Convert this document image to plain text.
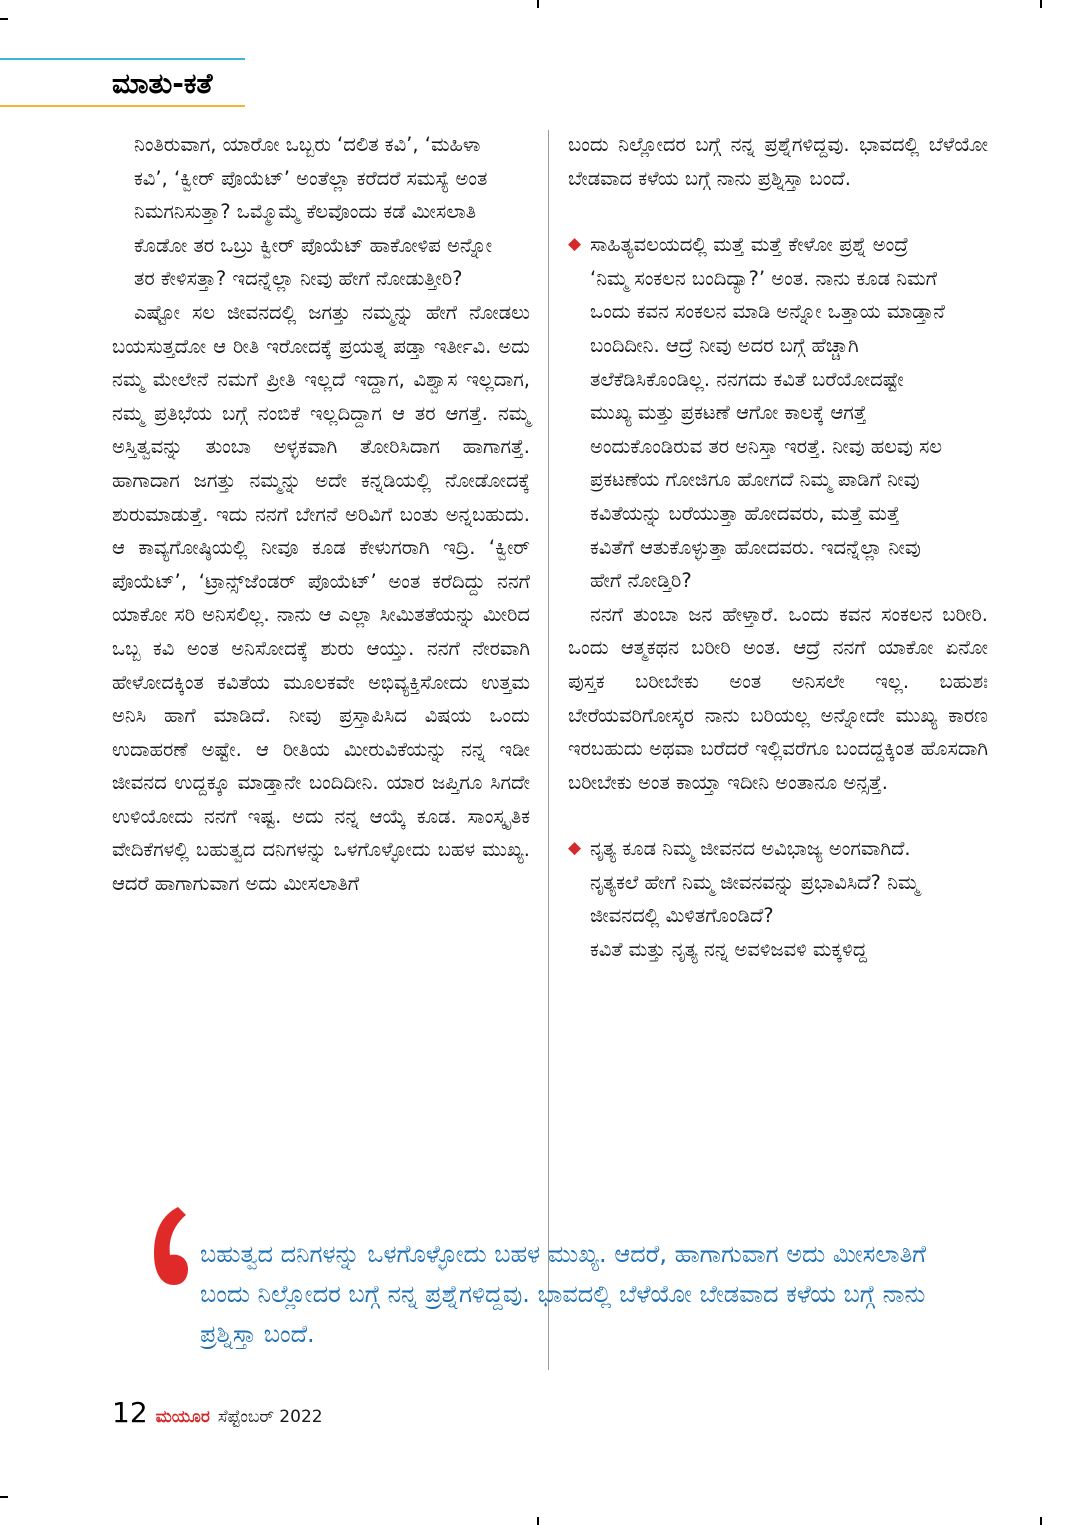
ಮಾತು-ಕತೆ

ನಿಂತಿರುವಾಗ, ಯಾರೋ ಒಬ್ಬರು ‘ದಲಿತ ಕವಿ’, ‘ಮಹಿಳಾ ಕವಿ’, ‘ಕ್ವೀರ್ ಪೊಯೆಟ್’ ಅಂತೆಲ್ಲಾ ಕರೆದರೆ ಸಮಸ್ಯೆ ಅಂತ ನಿಮಗನಿಸುತ್ತಾ? ಒಮ್ಮೊಮ್ಮೆ ಕೆಲವೊಂದು ಕಡೆ ಮೀಸಲಾತಿ ಕೊಡೋ ತರ ಒಬ್ರು ಕ್ವೀರ್ ಪೊಯೆಟ್ ಹಾಕೋಳಿಪ ಅನ್ನೋ ತರ ಕೇಳಿಸತ್ತಾ? ಇದನ್ನೆಲ್ಲಾ ನೀವು ಹೇಗೆ ನೋಡುತ್ತೀರಿ?

ಎಷ್ಟೋ ಸಲ ಜೀವನದಲ್ಲಿ ಜಗತ್ತು ನಮ್ಮನ್ನು ಹೇಗೆ ನೋಡಲು ಬಯಸುತ್ತದೋ ಆ ರೀತಿ ಇರೋದಕ್ಕೆ ಪ್ರಯತ್ನ ಪಡ್ತಾ ಇರ್ತೀವಿ. ಅದು ನಮ್ಮ ಮೇಲೇನೆ ನಮಗೆ ಪ್ರೀತಿ ಇಲ್ಲದೆ ಇದ್ದಾಗ, ವಿಶ್ವಾಸ ಇಲ್ಲದಾಗ, ನಮ್ಮ ಪ್ರತಿಭೆಯ ಬಗ್ಗೆ ನಂಬಿಕೆ ಇಲ್ಲದಿದ್ದಾಗ ಆ ತರ ಆಗತ್ತೆ. ನಮ್ಮ ಅಸ್ತಿತ್ವವನ್ನು ತುಂಬಾ ಅಳ್ಳಕವಾಗಿ ತೋರಿಸಿದಾಗ ಹಾಗಾಗತ್ತೆ. ಹಾಗಾದಾಗ ಜಗತ್ತು ನಮ್ಮನ್ನು ಅದೇ ಕನ್ನಡಿಯಲ್ಲಿ ನೋಡೋದಕ್ಕೆ ಶುರುಮಾಡುತ್ತೆ. ಇದು ನನಗೆ ಬೇಗನೆ ಅರಿವಿಗೆ ಬಂತು ಅನ್ನಬಹುದು. ಆ ಕಾವ್ಯಗೋಷ್ಠಿಯಲ್ಲಿ ನೀವೂ ಕೂಡ ಕೇಳುಗರಾಗಿ ಇದ್ರಿ. ‘ಕ್ವೀರ್ ಪೊಯೆಟ್’, ‘ಟ್ರಾನ್ಸ್‌ಜೆಂಡರ್ ಪೊಯೆಟ್’ ಅಂತ ಕರೆದಿದ್ದು ನನಗೆ ಯಾಕೋ ಸರಿ ಅನಿಸಲಿಲ್ಲ. ನಾನು ಆ ಎಲ್ಲಾ ಸೀಮಿತತೆಯನ್ನು ಮೀರಿದ ಒಬ್ಬ ಕವಿ ಅಂತ ಅನಿಸೋದಕ್ಕೆ ಶುರು ಆಯ್ತು. ನನಗೆ ನೇರವಾಗಿ ಹೇಳೋದಕ್ಕಿಂತ ಕವಿತೆಯ ಮೂಲಕವೇ ಅಭಿವ್ಯಕ್ತಿಸೋದು ಉತ್ತಮ ಅನಿಸಿ ಹಾಗೆ ಮಾಡಿದೆ. ನೀವು ಪ್ರಸ್ತಾಪಿಸಿದ ವಿಷಯ ಒಂದು ಉದಾಹರಣೆ ಅಷ್ಟೇ. ಆ ರೀತಿಯ ಮೀರುವಿಕೆಯನ್ನು ನನ್ನ ಇಡೀ ಜೀವನದ ಉದ್ದಕ್ಕೂ ಮಾಡ್ತಾನೇ ಬಂದಿದೀನಿ. ಯಾರ ಜಪ್ತಿಗೂ ಸಿಗದೇ ಉಳಿಯೋದು ನನಗೆ ಇಷ್ಟ. ಅದು ನನ್ನ ಆಯ್ಕೆ ಕೂಡ. ಸಾಂಸ್ಕೃತಿಕ ವೇದಿಕೆಗಳಲ್ಲಿ ಬಹುತ್ವದ ದನಿಗಳನ್ನು ಒಳಗೊಳ್ಳೋದು ಬಹಳ ಮುಖ್ಯ. ಆದರೆ ಹಾಗಾಗುವಾಗ ಅದು ಮೀಸಲಾತಿಗೆ

ಬಂದು ನಿಲ್ಲೋದರ ಬಗ್ಗೆ ನನ್ನ ಪ್ರಶ್ನೆಗಳಿದ್ದವು. ಭಾವದಲ್ಲಿ ಬೆಳೆಯೋ ಬೇಡವಾದ ಕಳೆಯ ಬಗ್ಗೆ ನಾನು ಪ್ರಶ್ನಿಸ್ತಾ ಬಂದೆ.

◆ ಸಾಹಿತ್ಯವಲಯದಲ್ಲಿ ಮತ್ತೆ ಮತ್ತೆ ಕೇಳೋ ಪ್ರಶ್ನೆ ಅಂದ್ರೆ ‘ನಿಮ್ಮ ಸಂಕಲನ ಬಂದಿದ್ಯಾ?’ ಅಂತ. ನಾನು ಕೂಡ ನಿಮಗೆ ಒಂದು ಕವನ ಸಂಕಲನ ಮಾಡಿ ಅನ್ನೋ ಒತ್ತಾಯ ಮಾಡ್ತಾನೆ ಬಂದಿದೀನಿ. ಆದ್ರೆ ನೀವು ಅದರ ಬಗ್ಗೆ ಹೆಚ್ಚಾಗಿ ತಲೆಕೆಡಿಸಿಕೊಂಡಿಲ್ಲ. ನನಗದು ಕವಿತೆ ಬರೆಯೋದಷ್ಟೇ ಮುಖ್ಯ ಮತ್ತು ಪ್ರಕಟಣೆ ಆಗೋ ಕಾಲಕ್ಕೆ ಆಗತ್ತೆ ಅಂದುಕೊಂಡಿರುವ ತರ ಅನಿಸ್ತಾ ಇರತ್ತೆ. ನೀವು ಹಲವು ಸಲ ಪ್ರಕಟಣೆಯ ಗೋಜಿಗೂ ಹೋಗದೆ ನಿಮ್ಮ ಪಾಡಿಗೆ ನೀವು ಕವಿತೆಯನ್ನು ಬರೆಯುತ್ತಾ ಹೋದವರು, ಮತ್ತೆ ಮತ್ತೆ ಕವಿತೆಗೆ ಆತುಕೊಳ್ಳುತ್ತಾ ಹೋದವರು. ಇದನ್ನೆಲ್ಲಾ ನೀವು ಹೇಗೆ ನೋಡ್ತಿರಿ?

ನನಗೆ ತುಂಬಾ ಜನ ಹೇಳ್ತಾರೆ. ಒಂದು ಕವನ ಸಂಕಲನ ಬರೀರಿ. ಒಂದು ಆತ್ಮಕಥನ ಬರೀರಿ ಅಂತ. ಆದ್ರೆ ನನಗೆ ಯಾಕೋ ಏನೋ ಪುಸ್ತಕ ಬರೀಬೇಕು ಅಂತ ಅನಿಸಲೇ ಇಲ್ಲ. ಬಹುಶಃ ಬೇರೆಯವರಿಗೋಸ್ಕರ ನಾನು ಬರಿಯಲ್ಲ ಅನ್ನೋದೇ ಮುಖ್ಯ ಕಾರಣ ಇರಬಹುದು ಅಥವಾ ಬರೆದರೆ ಇಲ್ಲಿವರೆಗೂ ಬಂದದ್ದಕ್ಕಿಂತ ಹೊಸದಾಗಿ ಬರೀಬೇಕು ಅಂತ ಕಾಯ್ತಾ ಇದೀನಿ ಅಂತಾನೂ ಅನ್ಸತ್ತೆ.

◆ ನೃತ್ಯ ಕೂಡ ನಿಮ್ಮ ಜೀವನದ ಅವಿಭಾಜ್ಯ ಅಂಗವಾಗಿದೆ. ನೃತ್ಯಕಲೆ ಹೇಗೆ ನಿಮ್ಮ ಜೀವನವನ್ನು ಪ್ರಭಾವಿಸಿದೆ? ನಿಮ್ಮ ಜೀವನದಲ್ಲಿ ಮಿಳಿತಗೊಂಡಿದೆ?

ಕವಿತೆ ಮತ್ತು ನೃತ್ಯ ನನ್ನ ಅವಳಿಜವಳಿ ಮಕ್ಕಳಿದ್ದ

ಬಹುತ್ವದ ದನಿಗಳನ್ನು ಒಳಗೊಳ್ಳೋದು ಬಹಳ ಮುಖ್ಯ. ಆದರೆ, ಹಾಗಾಗುವಾಗ ಅದು ಮೀಸಲಾತಿಗೆ ಬಂದು ನಿಲ್ಲೋದರ ಬಗ್ಗೆ ನನ್ನ ಪ್ರಶ್ನೆಗಳಿದ್ದವು. ಭಾವದಲ್ಲಿ ಬೆಳೆಯೋ ಬೇಡವಾದ ಕಳೆಯ ಬಗ್ಗೆ ನಾನು ಪ್ರಶ್ನಿಸ್ತಾ ಬಂದೆ.

12 ಮಯೂರ ಸೆಪ್ಟೆಂಬರ್ 2022
